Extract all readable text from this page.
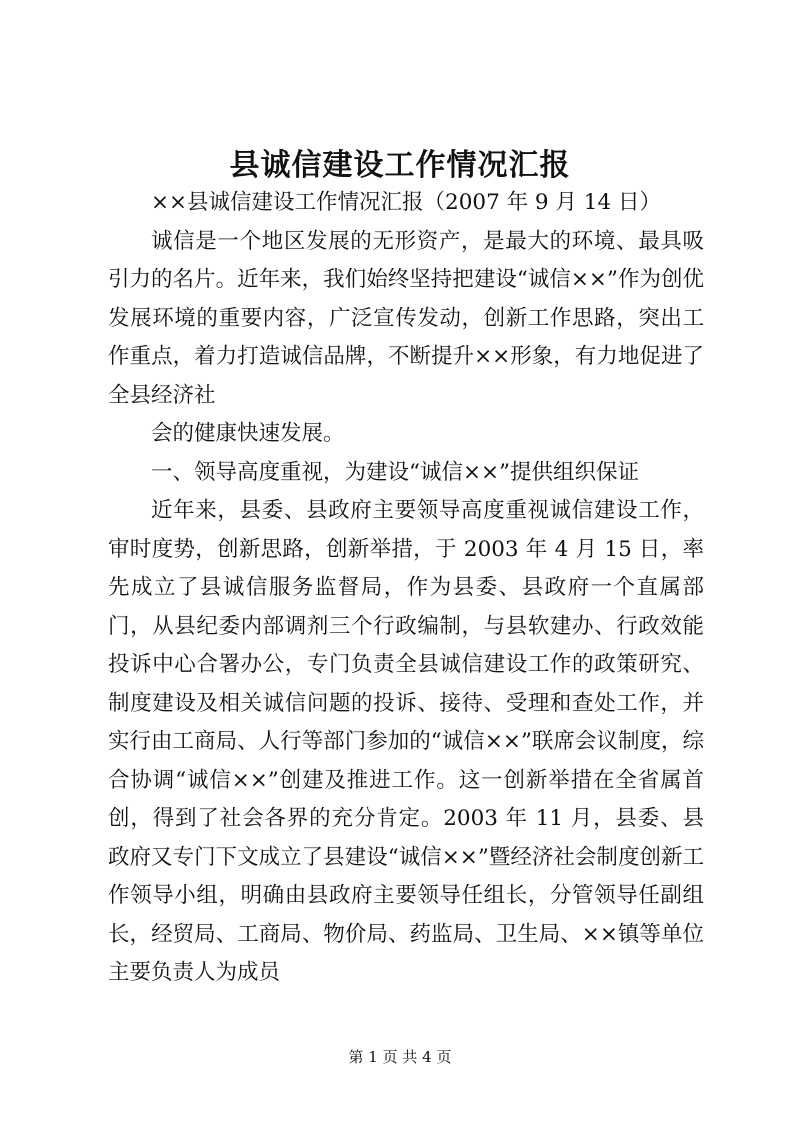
县诚信建设工作情况汇报

××县诚信建设工作情况汇报（2007 年 9 月 14 日）

诚信是一个地区发展的无形资产，是最大的环境、最具吸引力的名片。近年来，我们始终坚持把建设“诚信××”作为创优发展环境的重要内容，广泛宣传发动，创新工作思路，突出工作重点，着力打造诚信品牌，不断提升××形象，有力地促进了全县经济社

会的健康快速发展。

一、领导高度重视，为建设“诚信××”提供组织保证

近年来，县委、县政府主要领导高度重视诚信建设工作，审时度势，创新思路，创新举措，于 2003 年 4 月 15 日，率先成立了县诚信服务监督局，作为县委、县政府一个直属部门，从县纪委内部调剂三个行政编制，与县软建办、行政效能投诉中心合署办公，专门负责全县诚信建设工作的政策研究、制度建设及相关诚信问题的投诉、接待、受理和查处工作，并实行由工商局、人行等部门参加的“诚信××”联席会议制度，综合协调“诚信××”创建及推进工作。这一创新举措在全省属首创，得到了社会各界的充分肯定。2003 年 11 月，县委、县政府又专门下文成立了县建设“诚信××”暨经济社会制度创新工作领导小组，明确由县政府主要领导任组长，分管领导任副组长，经贸局、工商局、物价局、药监局、卫生局、××镇等单位主要负责人为成员

第 1 页 共 4 页
